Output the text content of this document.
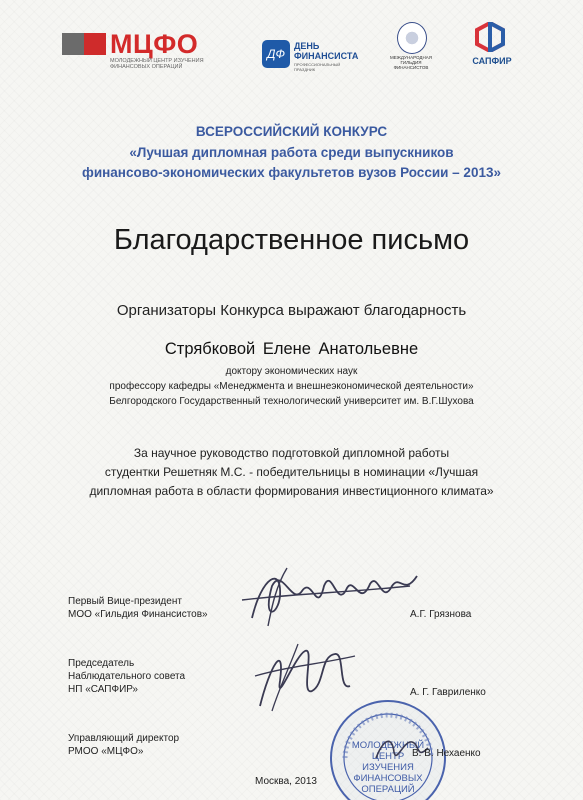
МЦФО
МОЛОДЕЖНЫЙ ЦЕНТР ИЗУЧЕНИЯ ФИНАНСОВЫХ ОПЕРАЦИЙ
ДФ
ДЕНЬ
ФИНАНСИСТА
ПРОФЕССИОНАЛЬНЫЙ ПРАЗДНИК
МЕЖДУНАРОДНАЯ ГИЛЬДИЯ ФИНАНСИСТОВ
САПФИР
ВСЕРОССИЙСКИЙ КОНКУРС
«Лучшая дипломная работа среди выпускников
финансово-экономических факультетов вузов России – 2013»
Благодарственное письмо
Организаторы Конкурса выражают благодарность
Стрябковой Елене Анатольевне
доктору экономических наук
профессору кафедры «Менеджмента и внешнеэкономической деятельности»
Белгородского Государственный технологический университет им. В.Г.Шухова
За научное руководство подготовкой дипломной работы
студентки Решетняк М.С. - победительницы в номинации «Лучшая
дипломная работа в области формирования инвестиционного климата»
Первый Вице-президент
МОО «Гильдия Финансистов»	А.Г. Грязнова
Председатель
Наблюдательного совета
НП «САПФИР»	А. Г. Гавриленко
Управляющий директор
РМОО «МЦФО»
МОЛОДЕЖНЫЙ
ЦЕНТР
ИЗУЧЕНИЯ
ФИНАНСОВЫХ
ОПЕРАЦИЙ
В. В. Нехаенко
Москва, 2013
